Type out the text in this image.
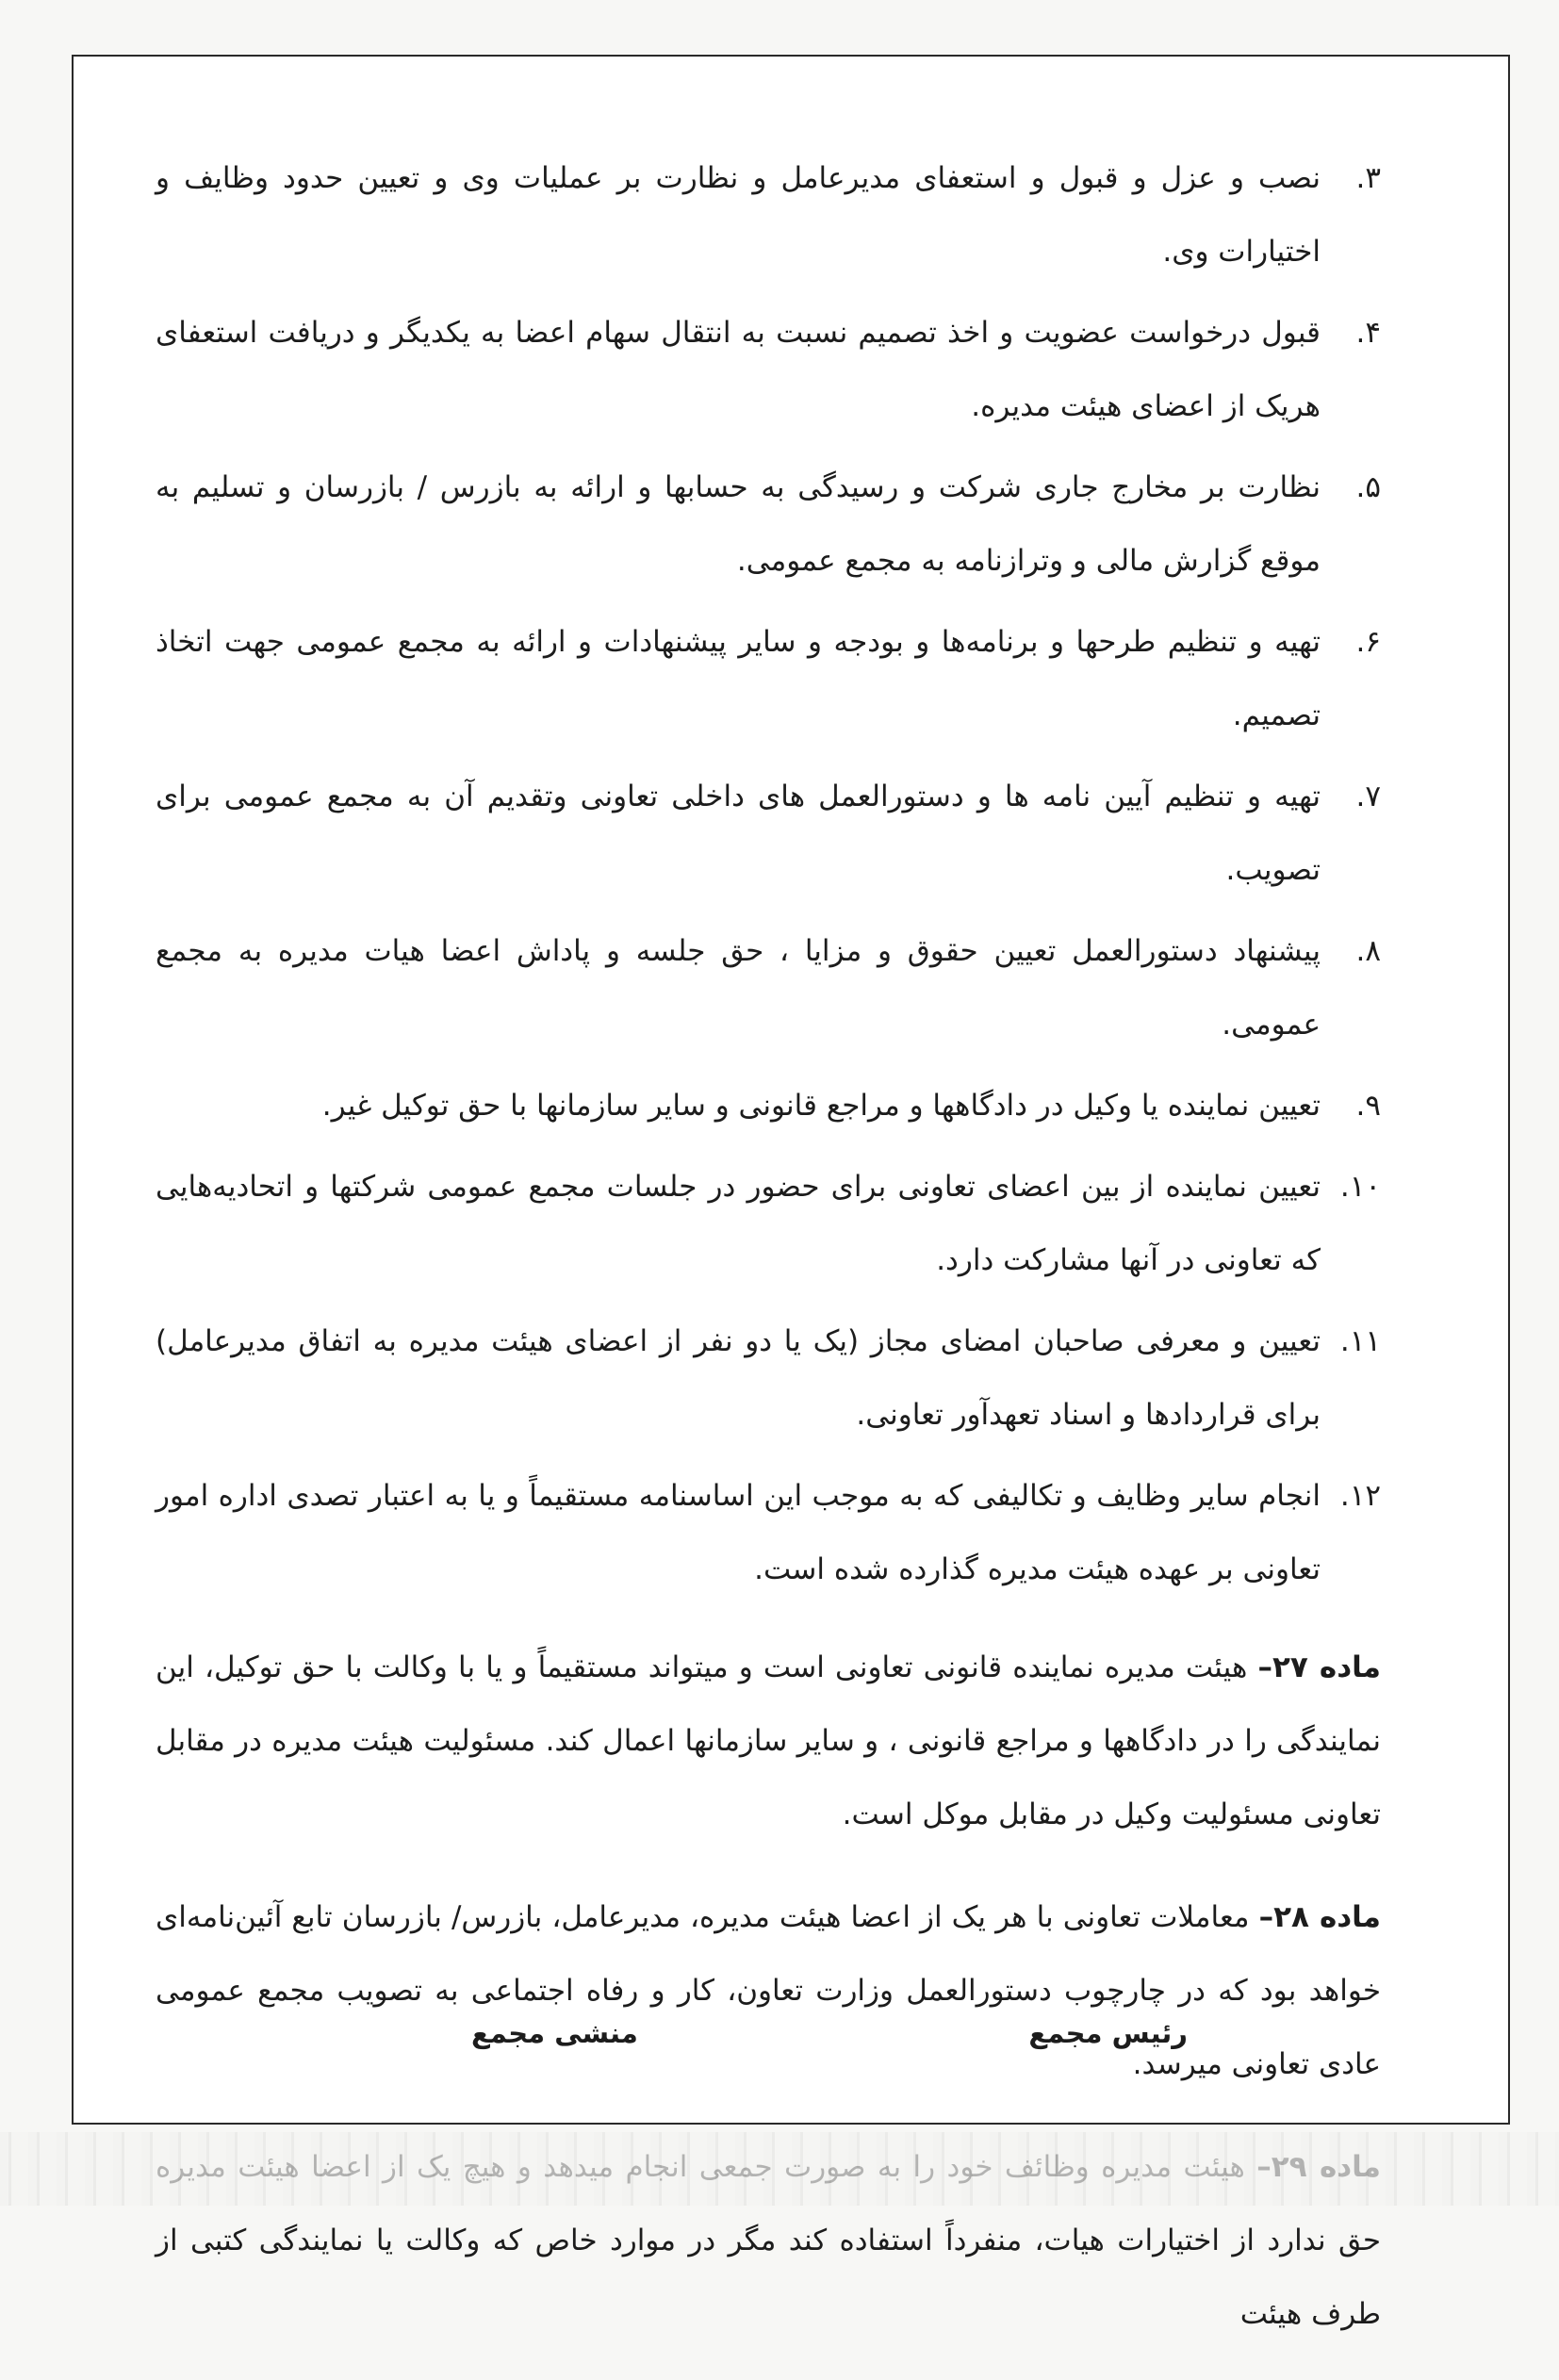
۳.
نصب و عزل و قبول و استعفای مدیرعامل و نظارت بر عملیات وی و تعیین حدود وظایف و اختیارات وی.
۴.
قبول درخواست عضویت و اخذ تصمیم نسبت به انتقال سهام اعضا به یکدیگر و دریافت استعفای هریک از اعضای هیئت مدیره.
۵.
نظارت بر مخارج جاری شرکت و رسیدگی به حسابها و ارائه به بازرس / بازرسان و تسلیم به موقع گزارش مالی و وترازنامه به مجمع عمومی.
۶.
تهیه و تنظیم طرحها و برنامه‌ها و بودجه و سایر پیشنهادات و ارائه به مجمع عمومی جهت اتخاذ تصمیم.
۷.
تهیه و تنظیم آیین نامه ها و دستورالعمل های داخلی تعاونی وتقدیم آن به مجمع عمومی برای تصویب.
۸.
پیشنهاد دستورالعمل تعیین حقوق و مزایا ، حق جلسه و پاداش اعضا هیات مدیره به مجمع عمومی.
۹.
تعیین نماینده یا وکیل در دادگاهها و مراجع قانونی و سایر سازمانها با حق توکیل غیر.
۱۰.
تعیین نماینده از بین اعضای تعاونی برای حضور در جلسات مجمع عمومی شرکتها و اتحادیه‌هایی که تعاونی در آنها مشارکت دارد.
۱۱.
تعیین و معرفی صاحبان امضای مجاز (یک یا دو نفر از اعضای هیئت مدیره به اتفاق مدیرعامل) برای قراردادها و اسناد تعهدآور تعاونی.
۱۲.
انجام سایر وظایف و تکالیفی که به موجب این اساسنامه مستقیماً و یا به اعتبار تصدی اداره امور تعاونی بر عهده هیئت مدیره گذارده شده است.

ماده ۲۷– هیئت مدیره نماینده قانونی تعاونی است و میتواند مستقیماً و یا با وکالت با حق توکیل، این نمایندگی را در دادگاهها و مراجع قانونی ، و سایر سازمانها اعمال کند. مسئولیت هیئت مدیره در مقابل تعاونی مسئولیت وکیل در مقابل موکل است.

ماده ۲۸– معاملات تعاونی با هر یک از اعضا هیئت مدیره، مدیرعامل، بازرس/ بازرسان تابع آئین‌نامه‌ای خواهد بود که در چارچوب دستورالعمل وزارت تعاون، کار و رفاه اجتماعی به تصویب مجمع عمومی عادی تعاونی میرسد.

حق ندارد از اختیارات هیات، منفرداً استفاده کند مگر در موارد خاص که وکالت یا نمایندگی کتبی از طرف هیئت

رئیس مجمع
منشی مجمع
